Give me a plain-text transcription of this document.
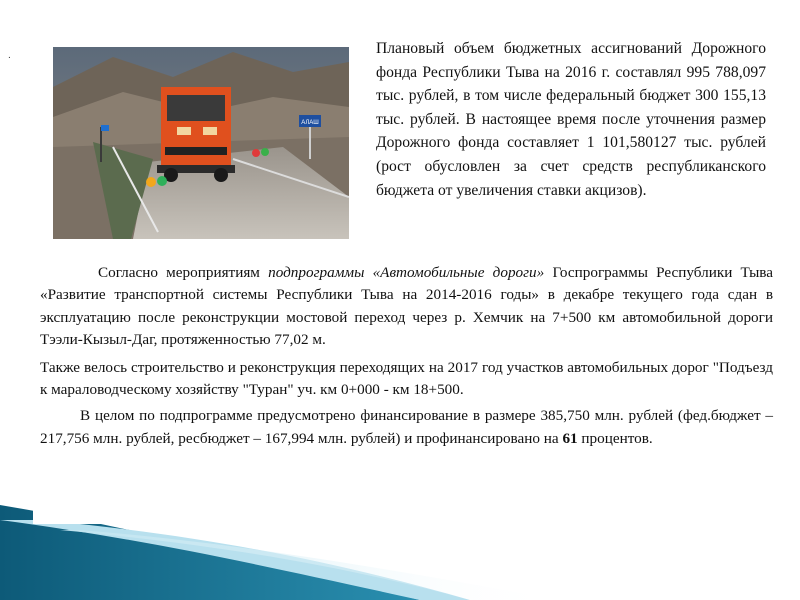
.
АЛАШ
Плановый объем бюджетных ассигнований Дорожного фонда Республики Тыва на 2016 г. составлял 995 788,097 тыс. рублей, в том числе федеральный бюджет 300 155,13 тыс. рублей. В настоящее время после уточнения размер Дорожного фонда составляет 1 101,580127 тыс. рублей (рост обусловлен за счет средств республиканского бюджета от увеличения ставки акцизов).

Согласно мероприятиям подпрограммы «Автомобильные дороги» Госпрограммы Республики Тыва «Развитие транспортной системы Республики Тыва на 2014-2016 годы» в декабре текущего года сдан в эксплуатацию после реконструкции мостовой переход через р. Хемчик на 7+500 км автомобильной дороги Тээли-Кызыл-Даг, протяженностью 77,02 м.

Также велось строительство и реконструкция переходящих на 2017 год участков автомобильных дорог "Подъезд к мараловодческому хозяйству "Туран" уч. км 0+000 - км 18+500.

В целом по подпрограмме предусмотрено финансирование в размере 385,750 млн. рублей (фед.бюджет – 217,756 млн. рублей, ресбюджет – 167,994 млн. рублей) и профинансировано на 61 процентов.
